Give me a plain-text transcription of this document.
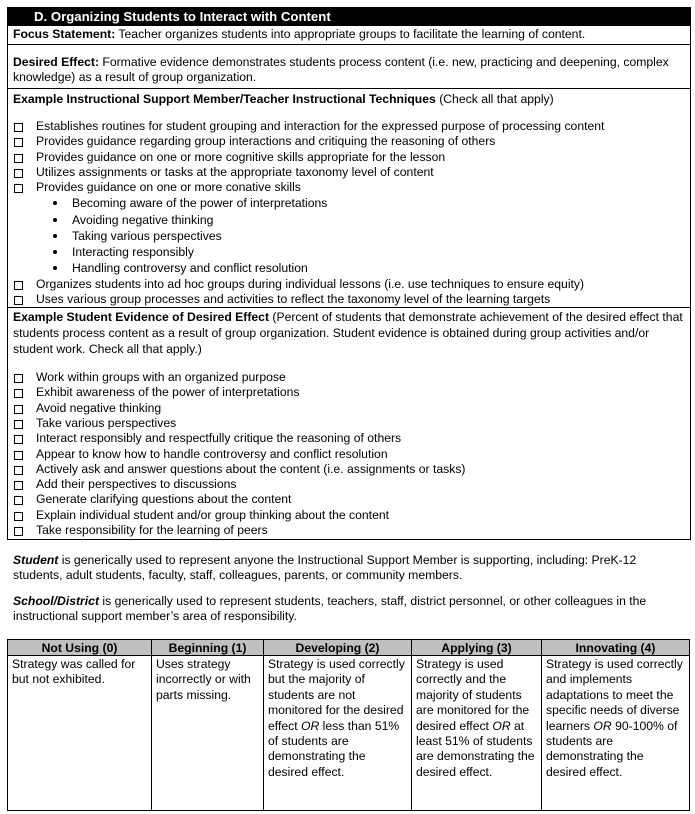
D. Organizing Students to Interact with Content

Focus Statement: Teacher organizes students into appropriate groups to facilitate the learning of content.

Desired Effect: Formative evidence demonstrates students process content (i.e. new, practicing and deepening, complex knowledge) as a result of group organization.

Example Instructional Support Member/Teacher Instructional Techniques (Check all that apply)

Establishes routines for student grouping and interaction for the expressed purpose of processing content
Provides guidance regarding group interactions and critiquing the reasoning of others
Provides guidance on one or more cognitive skills appropriate for the lesson
Utilizes assignments or tasks at the appropriate taxonomy level of content
Provides guidance on one or more conative skills
Becoming aware of the power of interpretations
Avoiding negative thinking
Taking various perspectives
Interacting responsibly
Handling controversy and conflict resolution
Organizes students into ad hoc groups during individual lessons (i.e. use techniques to ensure equity)
Uses various group processes and activities to reflect the taxonomy level of the learning targets

Example Student Evidence of Desired Effect (Percent of students that demonstrate achievement of the desired effect that students process content as a result of group organization. Student evidence is obtained during group activities and/or student work. Check all that apply.)

Work within groups with an organized purpose
Exhibit awareness of the power of interpretations
Avoid negative thinking
Take various perspectives
Interact responsibly and respectfully critique the reasoning of others
Appear to know how to handle controversy and conflict resolution
Actively ask and answer questions about the content (i.e. assignments or tasks)
Add their perspectives to discussions
Generate clarifying questions about the content
Explain individual student and/or group thinking about the content
Take responsibility for the learning of peers

Student is generically used to represent anyone the Instructional Support Member is supporting, including: PreK-12 students, adult students, faculty, staff, colleagues, parents, or community members.

School/District is generically used to represent students, teachers, staff, district personnel, or other colleagues in the instructional support member’s area of responsibility.

Not Using (0)	Beginning (1)	Developing (2)	Applying (3)	Innovating (4)
Strategy was called for but not exhibited.	Uses strategy incorrectly or with parts missing.	Strategy is used correctly but the majority of students are not monitored for the desired effect OR less than 51% of students are demonstrating the desired effect.	Strategy is used correctly and the majority of students are monitored for the desired effect OR at least 51% of students are demonstrating the desired effect.	Strategy is used correctly and implements adaptations to meet the specific needs of diverse learners OR 90-100% of students are demonstrating the desired effect.
